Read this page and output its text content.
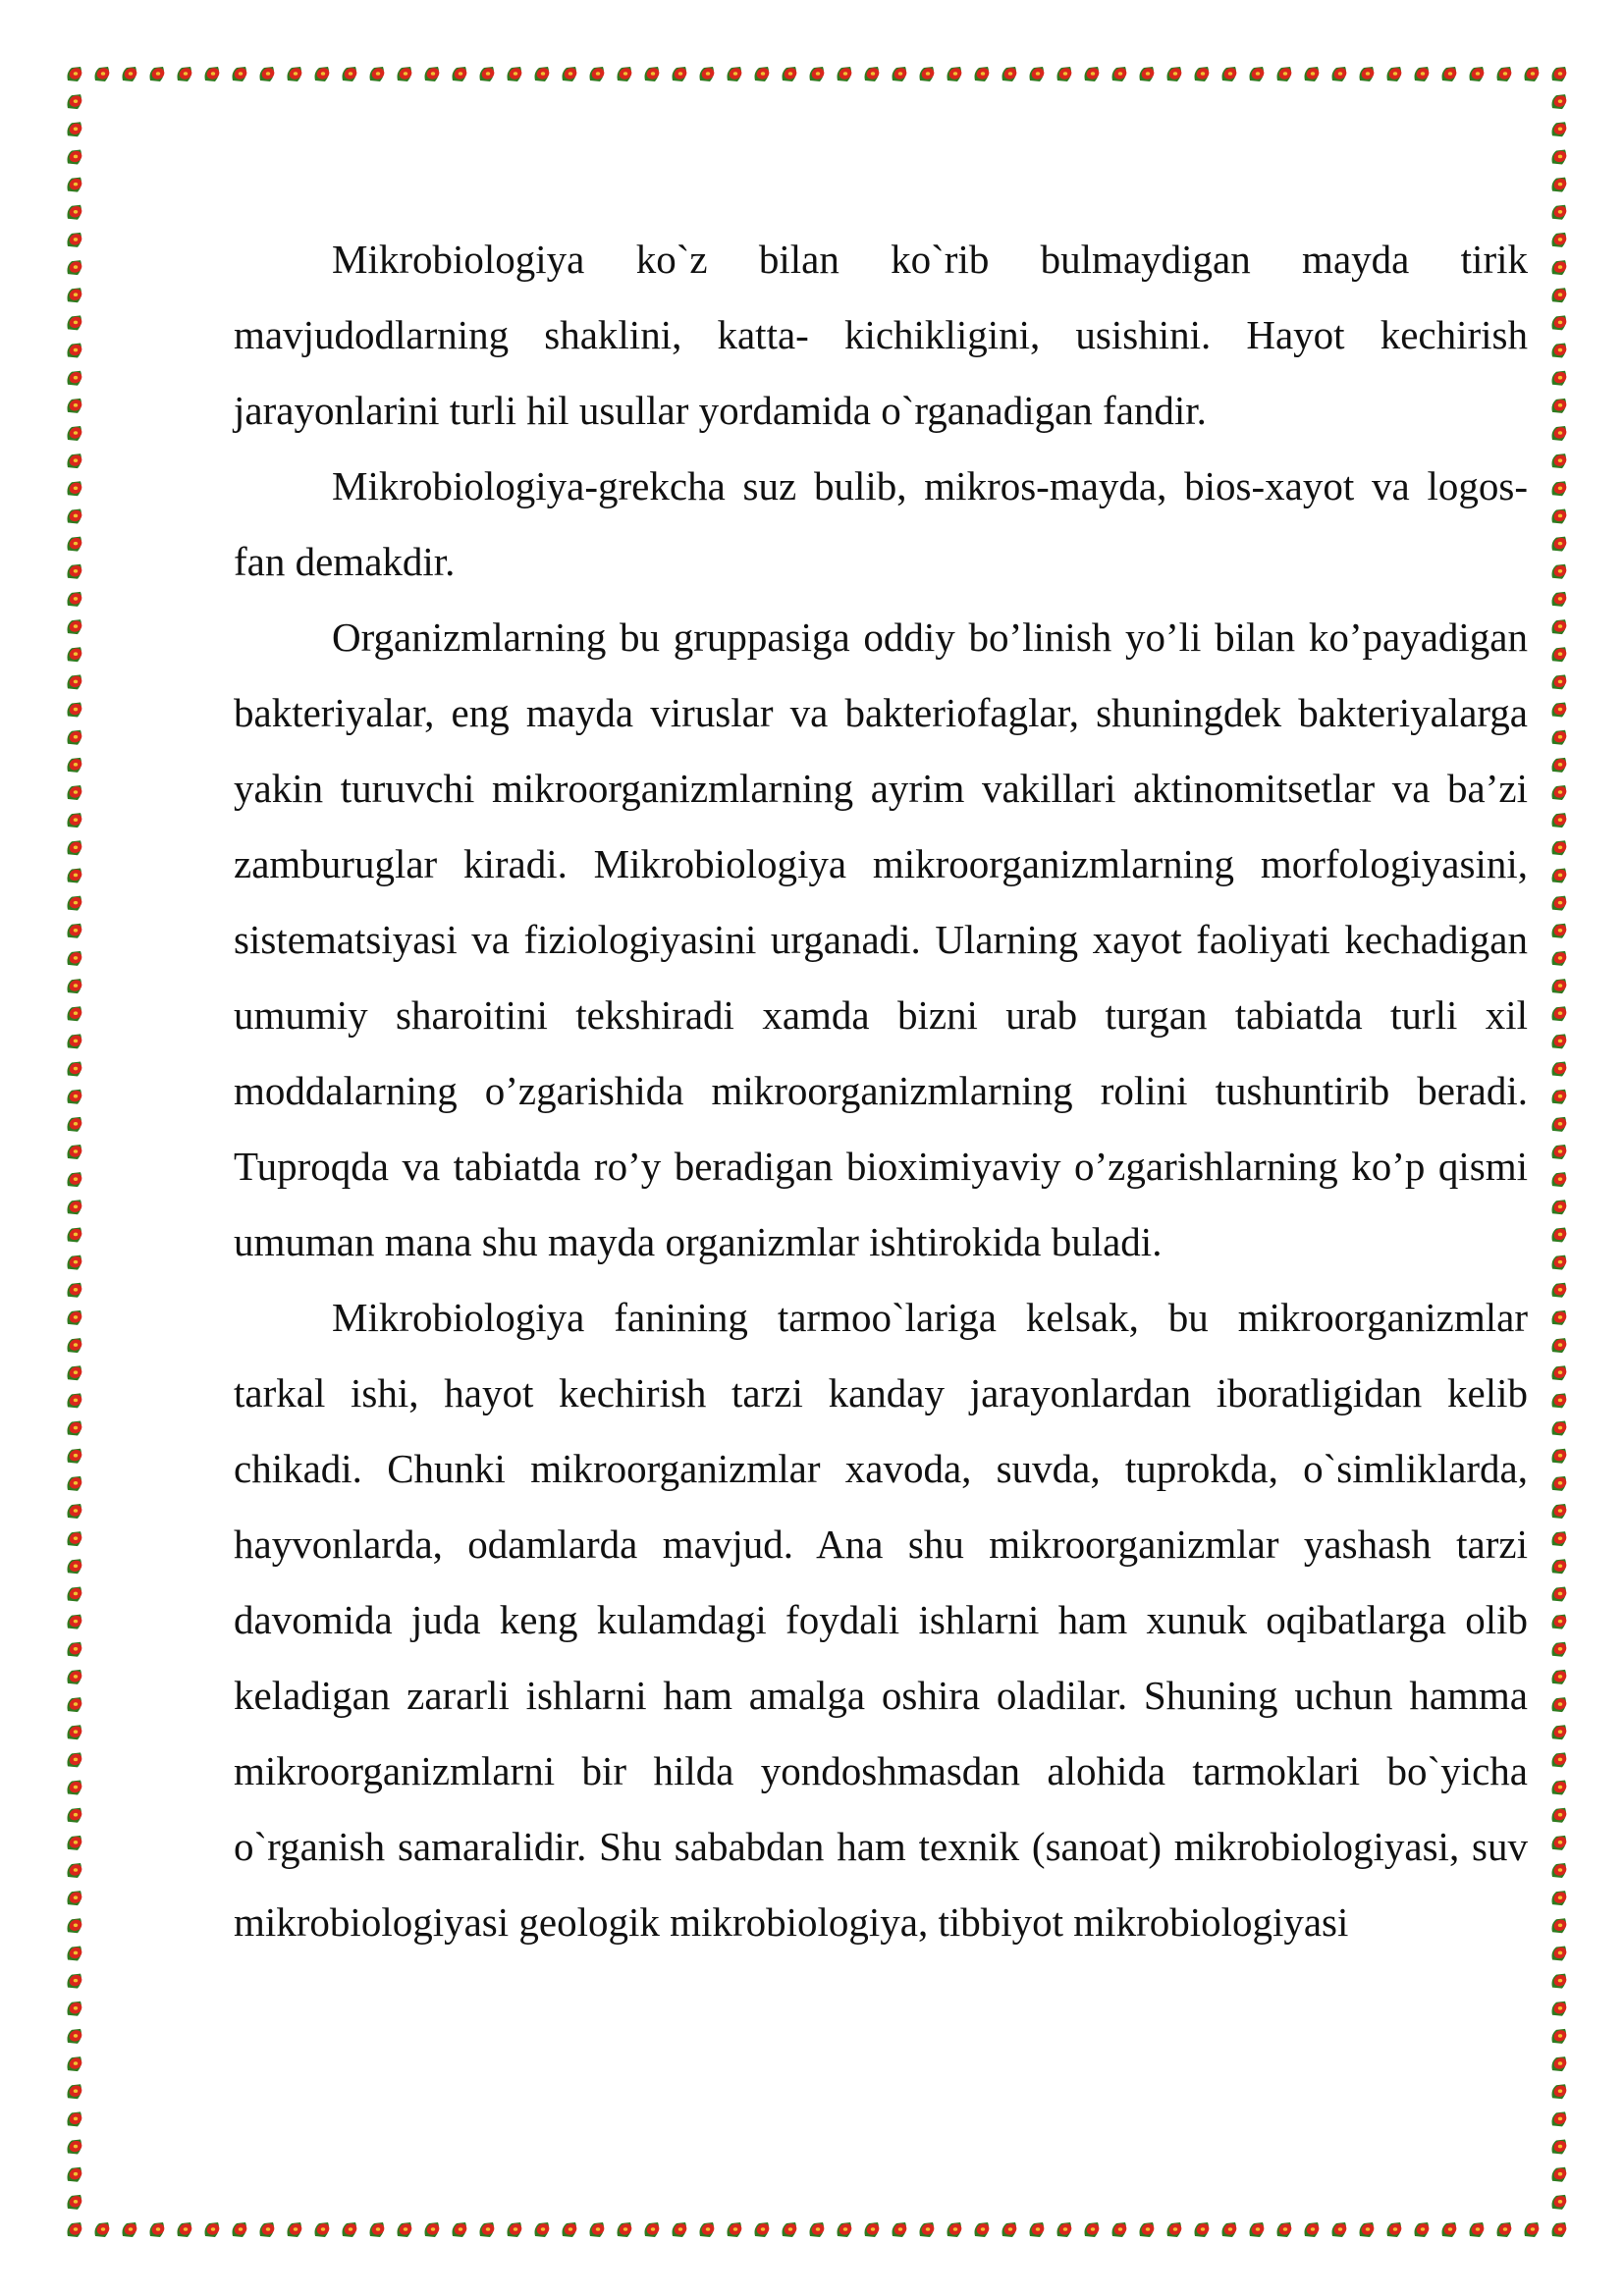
Mikrobiologiya ko`z bilan ko`rib bulmaydigan mayda tirik mavjudodlarning shaklini, katta- kichikligini, usishini. Hayot kechirish jarayonlarini turli hil usullar yordamida o`rganadigan fandir.

Mikrobiologiya-grekcha suz bulib, mikros-mayda, bios-xayot va logos-fan demakdir.

Organizmlarning bu gruppasiga oddiy bo’linish yo’li bilan ko’payadigan bakteriyalar, eng mayda viruslar va bakteriofaglar, shuningdek bakteriyalarga yakin turuvchi mikroorganizmlarning ayrim vakillari aktinomitsetlar va ba’zi zamburuglar kiradi. Mikrobiologiya mikroorganizmlarning morfologiyasini, sistematsiyasi va fiziologiyasini urganadi. Ularning xayot faoliyati kechadigan umumiy sharoitini tekshiradi xamda bizni urab turgan tabiatda turli xil moddalarning o’zgarishida mikroorganizmlarning rolini tushuntirib beradi. Tuproqda va tabiatda ro’y beradigan bioximiyaviy o’zgarishlarning ko’p qismi umuman mana shu mayda organizmlar ishtirokida buladi.

Mikrobiologiya fanining tarmoo`lariga kelsak, bu mikroorganizmlar tarkal ishi, hayot kechirish tarzi kanday jarayonlardan iboratligidan kelib chikadi. Chunki mikroorganizmlar xavoda, suvda, tuprokda, o`simliklarda, hayvonlarda, odamlarda mavjud. Ana shu mikroorganizmlar yashash tarzi davomida juda keng kulamdagi foydali ishlarni ham xunuk oqibatlarga olib keladigan zararli ishlarni ham amalga oshira oladilar. Shuning uchun hamma mikroorganizmlarni bir hilda yondoshmasdan alohida tarmoklari bo`yicha o`rganish samaralidir. Shu sababdan ham texnik (sanoat) mikrobiologiyasi, suv mikrobiologiyasi geologik mikrobiologiya, tibbiyot mikrobiologiyasi
